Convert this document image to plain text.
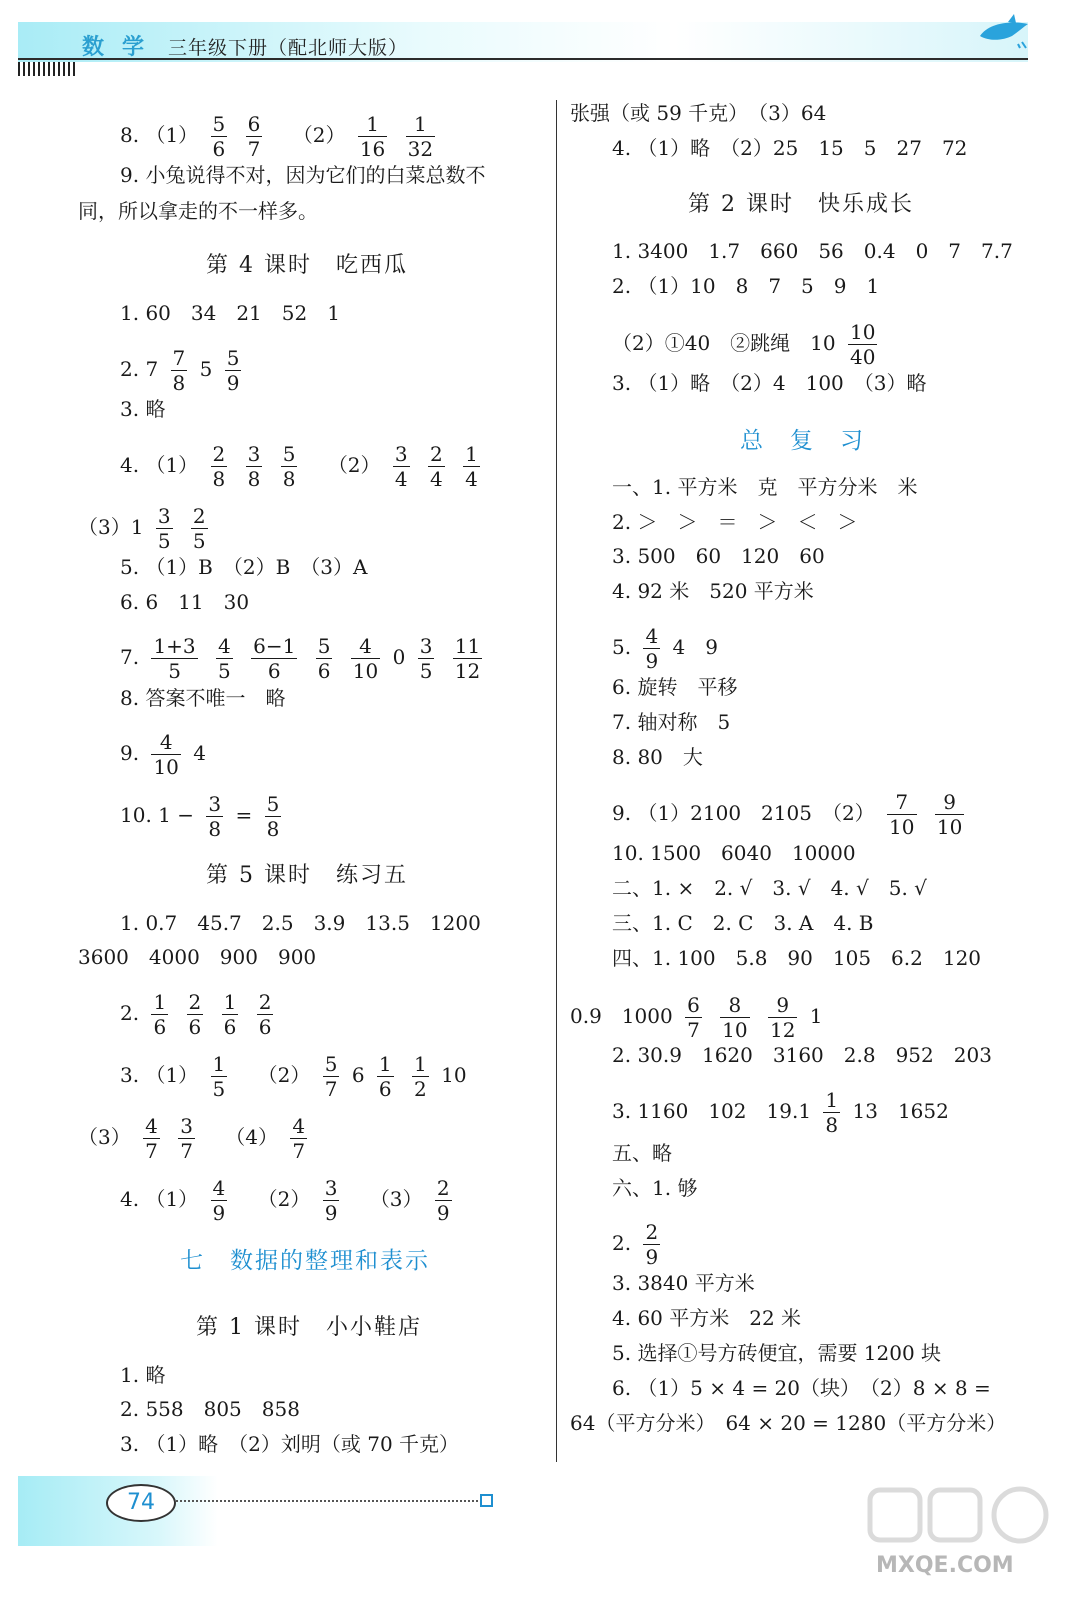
数学 三年级下册（配北师大版）
8. $(1) \frac{5}{6}$
$\frac{6}{7} (2) \frac{1}{16}$
$\frac{1}{32}$
9. 小兔说得不对，因为它们的白菜总数不
同，所以拿走的不一样多。
第 4 课时　吃西瓜
1. 60　34　21　52　1
2. $7 \frac{7}{8} 5 \frac{5}{9}$
3. 略
4. $(1) \frac{2}{8}$
$\frac{3}{8}$
$\frac{5}{8} (2) \frac{3}{4}$
$\frac{2}{4}$
$\frac{1}{4}$
$(3)1 \frac{3}{5}$
$\frac{2}{5}$
5. （1）B　（2）B　（3）A
6. 6　11　30
7. $\frac{1+3}{5}$
$\frac{4}{5}$
$\frac{6-1}{6}$
$\frac{5}{6}$
$\frac{4}{10} 0 \frac{3}{5}$
$\frac{11}{12}$
8. 答案不唯一　略
9. $\frac{4}{10} 4$
10. $1 - \frac{3}{8} = \frac{5}{8}$
第 5 课时　练习五
1. 0.7　45.7　2.5　3.9　13.5　1200
3600　4000　900　900
2. $\frac{1}{6}$
$\frac{2}{6}$
$\frac{1}{6}$
$\frac{2}{6}$
3. $(1) \frac{1}{5} (2) \frac{5}{7} 6 \frac{1}{6}$
$\frac{1}{2} 10$
$(3) \frac{4}{7}$
$\frac{3}{7} (4) \frac{4}{7}$
4. $(1) \frac{4}{9} (2) \frac{3}{9} (3) \frac{2}{9}$
七　数据的整理和表示
第 1 课时　小小鞋店
1. 略
2. 558　805　858
3. （1）略　（2）刘明（或 70 千克）
张强（或 59 千克）　（3）64
4. （1）略　（2）25　15　5　27　72
第 2 课时　快乐成长
1. 3400　1.7　660　56　0.4　0　7　7.7
2. （1）10　8　7　5　9　1
（2）①40　②跳绳　$10 \frac{10}{40}$
3. （1）略　（2）4　100　（3）略
总　复　习
一、1. 平方米　克　平方分米　米
2. ＞　＞　＝　＞　＜　＞
3. 500　60　120　60
4. 92 米　520 平方米
5. $\frac{4}{9} 4$　9
6. 旋转　平移
7. 轴对称　5
8. 80　大
9. （1）2100　2105　$(2) \frac{7}{10}$
$\frac{9}{10}$
10. 1500　6040　10000
二、1. ×　2. √　3. √　4. √　5. √
三、1. C　2. C　3. A　4. B
四、1. 100　5.8　90　105　6.2　120
0.9　$1000 \frac{6}{7}$
$\frac{8}{10}$
$\frac{9}{12} 1$
2. 30.9　1620　3160　2.8　952　203
3. 1160　102　$19.1 \frac{1}{8} 13$　1652
五、略
六、1. 够
2. $\frac{2}{9}$
3. 3840 平方米
4. 60 平方米　22 米
5. 选择①号方砖便宜，需要 1200 块
6. （1）5 × 4 = 20（块）　（2）8 × 8 =
64（平方分米）　64 × 20 = 1280（平方分米）
74
MXQE.COM
